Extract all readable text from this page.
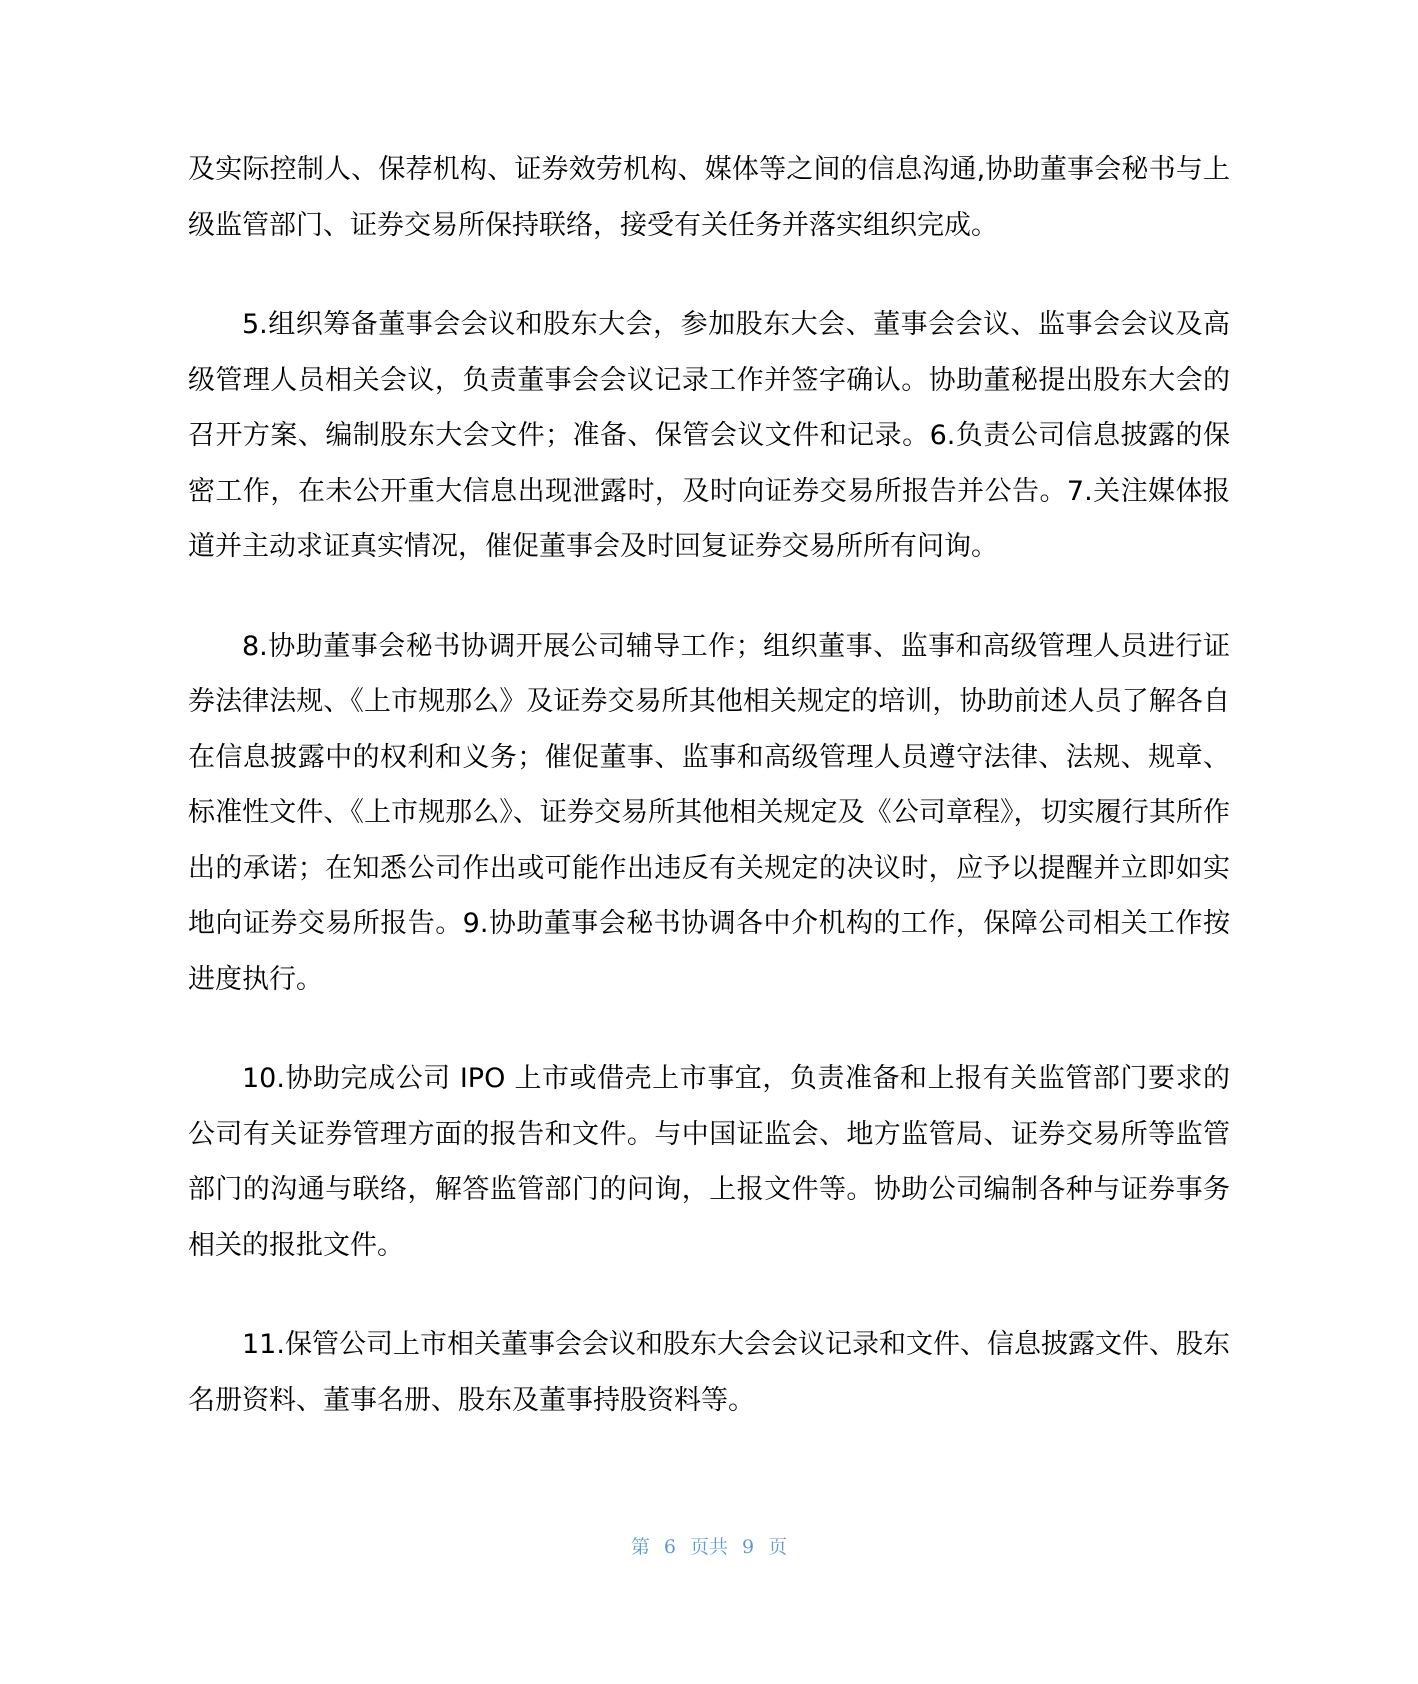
及实际控制人、保荐机构、证券效劳机构、媒体等之间的信息沟通,协助董事会秘书与上级监管部门、证券交易所保持联络，接受有关任务并落实组织完成。

5.组织筹备董事会会议和股东大会，参加股东大会、董事会会议、监事会会议及高级管理人员相关会议，负责董事会会议记录工作并签字确认。协助董秘提出股东大会的召开方案、编制股东大会文件；准备、保管会议文件和记录。6.负责公司信息披露的保密工作，在未公开重大信息出现泄露时，及时向证券交易所报告并公告。7.关注媒体报道并主动求证真实情况，催促董事会及时回复证券交易所所有问询。

8.协助董事会秘书协调开展公司辅导工作；组织董事、监事和高级管理人员进行证券法律法规、《上市规那么》及证券交易所其他相关规定的培训，协助前述人员了解各自在信息披露中的权利和义务；催促董事、监事和高级管理人员遵守法律、法规、规章、标准性文件、《上市规那么》、证券交易所其他相关规定及《公司章程》，切实履行其所作出的承诺；在知悉公司作出或可能作出违反有关规定的决议时，应予以提醒并立即如实地向证券交易所报告。9.协助董事会秘书协调各中介机构的工作，保障公司相关工作按进度执行。

10.协助完成公司 IPO 上市或借壳上市事宜，负责准备和上报有关监管部门要求的公司有关证券管理方面的报告和文件。与中国证监会、地方监管局、证券交易所等监管部门的沟通与联络，解答监管部门的问询，上报文件等。协助公司编制各种与证券事务相关的报批文件。

11.保管公司上市相关董事会会议和股东大会会议记录和文件、信息披露文件、股东名册资料、董事名册、股东及董事持股资料等。

第 6 页共 9 页
